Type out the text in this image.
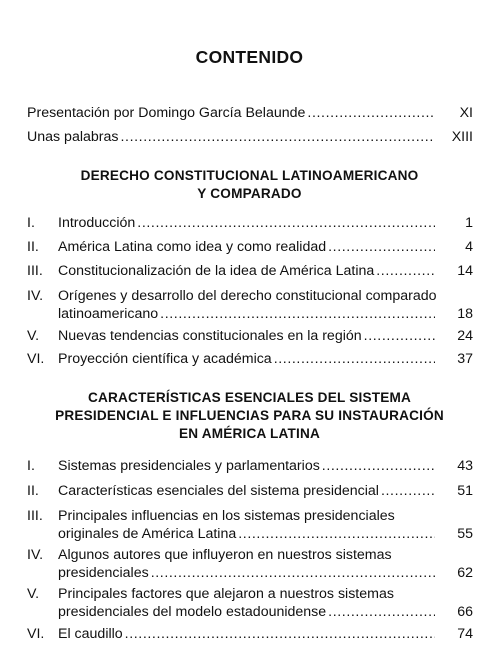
CONTENIDO
Presentación por Domingo García Belaunde .....	XI
Unas palabras .....	XIII
DERECHO CONSTITUCIONAL LATINOAMERICANO
Y COMPARADO
I.	Introducción .....	1
II.	América Latina como idea y como realidad .....	4
III.	Constitucionalización de la idea de América Latina .....	14
IV.	Orígenes y desarrollo del derecho constitucional comparado
latinoamericano .....	18
V.	Nuevas tendencias constitucionales en la región .....	24
VI. Proyección científica y académica .....	37
CARACTERÍSTICAS ESENCIALES DEL SISTEMA
PRESIDENCIAL E INFLUENCIAS PARA SU INSTAURACIÓN
EN AMÉRICA LATINA
I.	Sistemas presidenciales y parlamentarios .....	43
II.	Características esenciales del sistema presidencial .....	51
III.	Principales influencias en los sistemas presidenciales
originales de América Latina .....	55
IV.	Algunos autores que influyeron en nuestros sistemas
presidenciales .....	62
V.	Principales factores que alejaron a nuestros sistemas
presidenciales del modelo estadounidense .....	66
VI. El caudillo .....	74
